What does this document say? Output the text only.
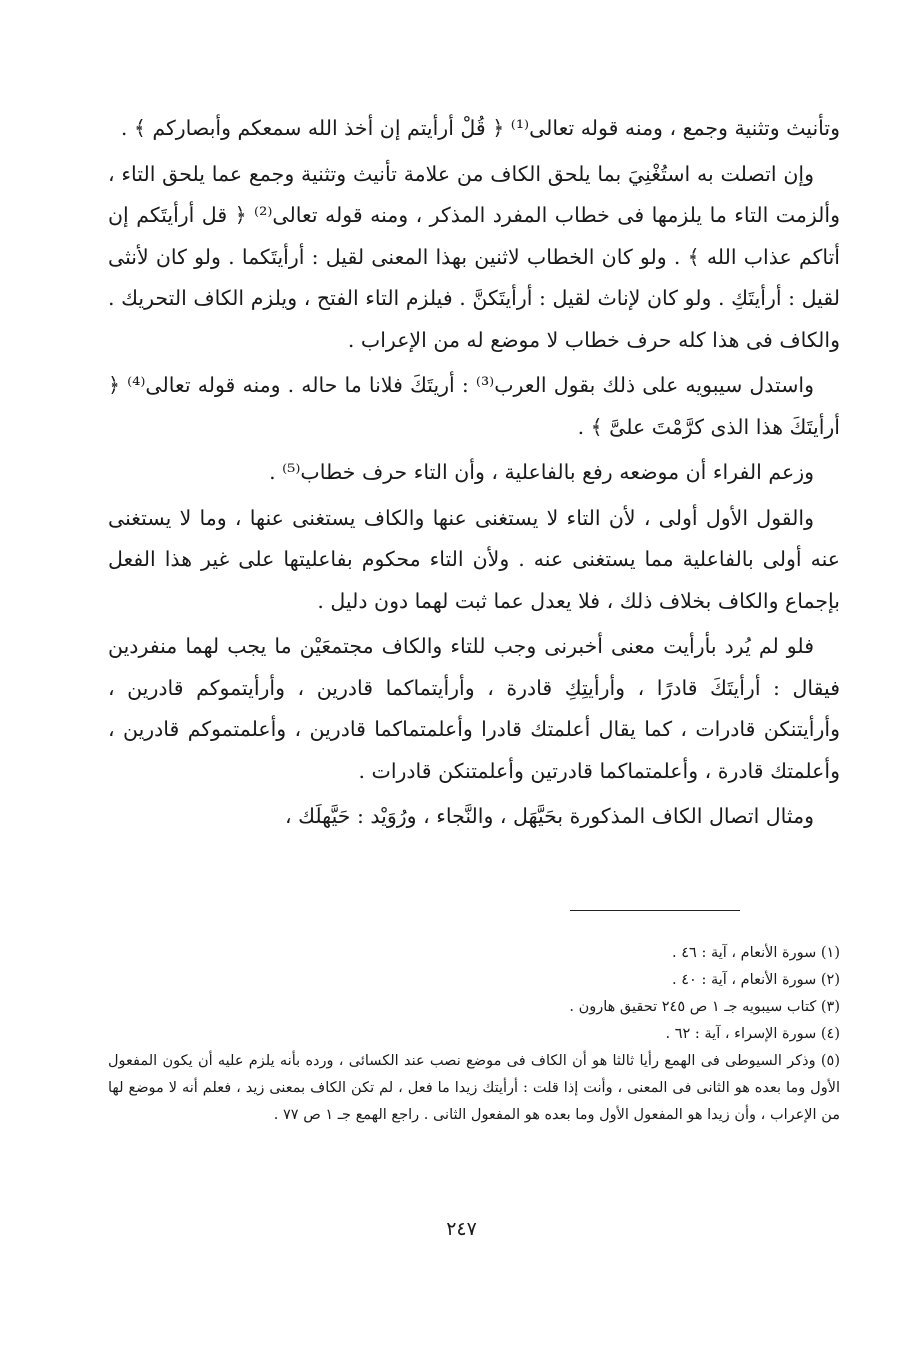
وتأنيث وتثنية وجمع ، ومنه قوله تعالى⁽¹⁾ ﴿ قُلْ أرأيتم إن أخذ الله سمعكم وأبصاركم ﴾ .

وإن اتصلت به استُغْنِيَ بما يلحق الكاف من علامة تأنيث وتثنية وجمع عما يلحق التاء ، وألزمت التاء ما يلزمها فى خطاب المفرد المذكر ، ومنه قوله تعالى⁽²⁾ ﴿ قل أرأيتَكم إن أتاكم عذاب الله ﴾ . ولو كان الخطاب لاثنين بهذا المعنى لقيل : أرأيتَكما . ولو كان لأنثى لقيل : أرأيتَكِ . ولو كان لإناث لقيل : أرأيتَكنَّ . فيلزم التاء الفتح ، ويلزم الكاف التحريك . والكاف فى هذا كله حرف خطاب لا موضع له من الإعراب .

واستدل سيبويه على ذلك بقول العرب⁽³⁾ : أريتَكَ فلانا ما حاله . ومنه قوله تعالى⁽⁴⁾ ﴿ أرأيتَكَ هذا الذى كرَّمْتَ علىَّ ﴾ .

وزعم الفراء أن موضعه رفع بالفاعلية ، وأن التاء حرف خطاب⁽⁵⁾ .

والقول الأول أولى ، لأن التاء لا يستغنى عنها والكاف يستغنى عنها ، وما لا يستغنى عنه أولى بالفاعلية مما يستغنى عنه . ولأن التاء محكوم بفاعليتها على غير هذا الفعل بإجماع والكاف بخلاف ذلك ، فلا يعدل عما ثبت لهما دون دليل .

فلو لم يُرد بأرأيت معنى أخبرنى وجب للتاء والكاف مجتمعَيْن ما يجب لهما منفردين فيقال : أرأيتَكَ قادرًا ، وأرأيتِكِ قادرة ، وأرأيتماكما قادرين ، وأرأيتموكم قادرين ، وأرأيتنكن قادرات ، كما يقال أعلمتك قادرا وأعلمتماكما قادرين ، وأعلمتموكم قادرين ، وأعلمتك قادرة ، وأعلمتماكما قادرتين وأعلمتنكن قادرات .

ومثال اتصال الكاف المذكورة بحَيَّهَل ، والنَّجاء ، ورُوَيْد : حَيَّهلَك ،

(١) سورة الأنعام ، آية : ٤٦ .

(٢) سورة الأنعام ، آية : ٤٠ .

(٣) كتاب سيبويه جـ ١ ص ٢٤٥ تحقيق هارون .

(٤) سورة الإسراء ، آية : ٦٢ .

(٥) وذكر السيوطى فى الهمع رأيا ثالثا هو أن الكاف فى موضع نصب عند الكسائى ، ورده بأنه يلزم عليه أن يكون المفعول الأول وما بعده هو الثانى فى المعنى ، وأنت إذا قلت : أرأيتك زيدا ما فعل ، لم تكن الكاف بمعنى زيد ، فعلم أنه لا موضع لها من الإعراب ، وأن زيدا هو المفعول الأول وما بعده هو المفعول الثانى . راجع الهمع جـ ١ ص ٧٧ .

٢٤٧
